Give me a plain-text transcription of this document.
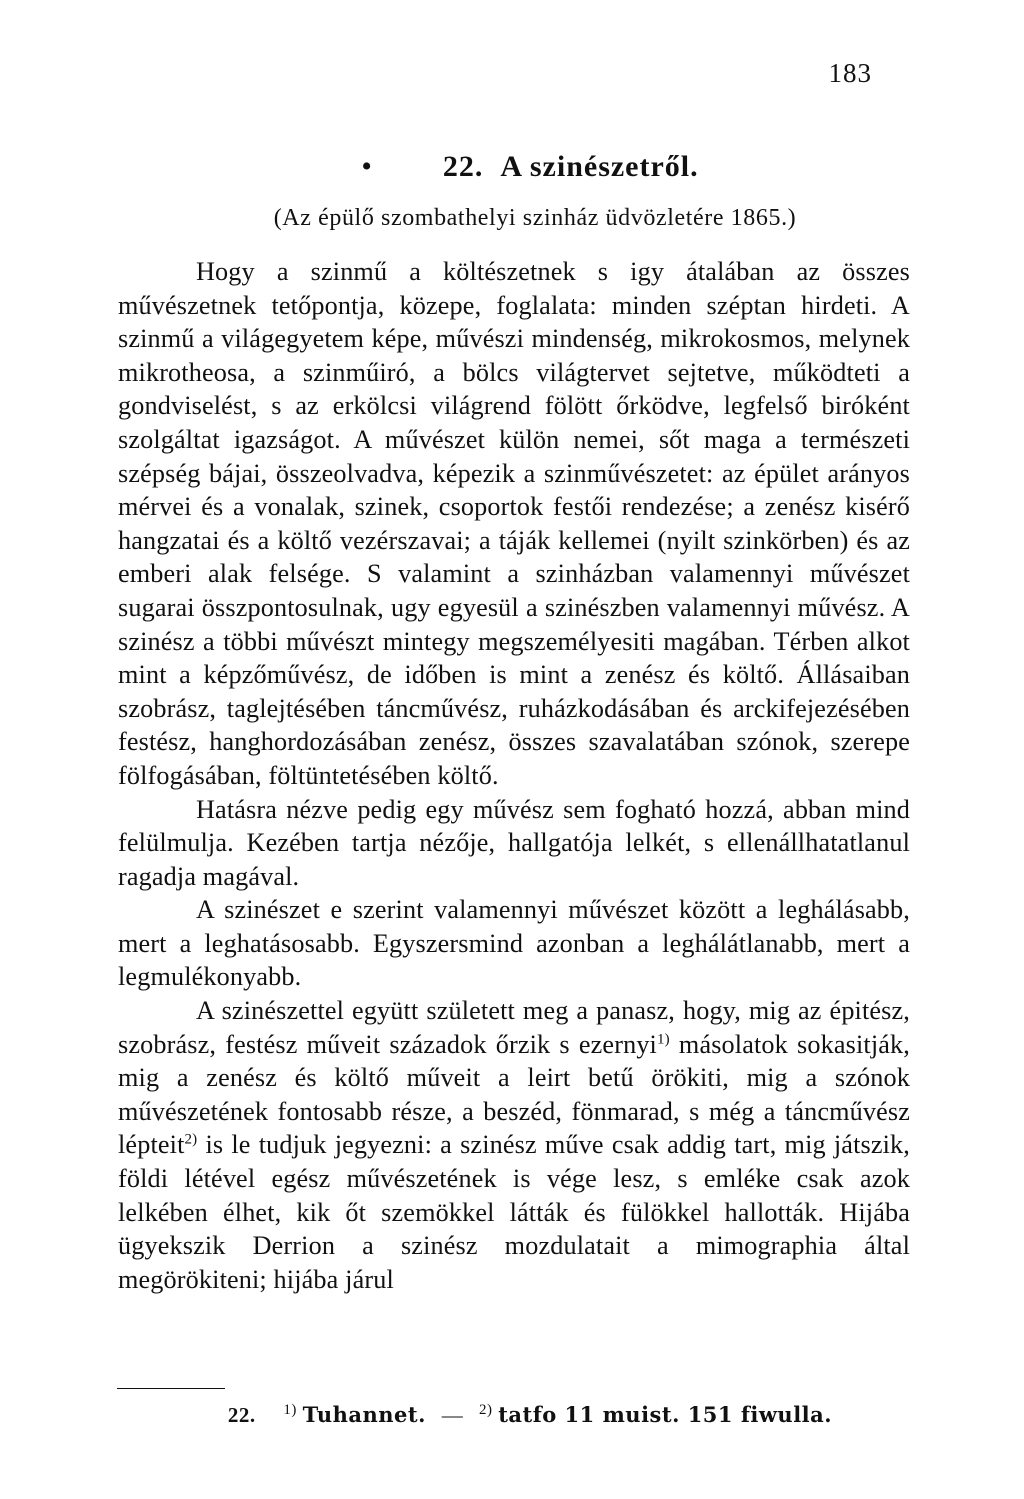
183
• 22. A szinészetről.
(Az épülő szombathelyi szinház üdvözletére 1865.)

Hogy a szinmű a költészetnek s igy átalában az összes művészetnek tetőpontja, közepe, foglalata: minden széptan hirdeti. A szinmű a világegyetem képe, művészi mindenség, mikrokosmos, melynek mikrotheosa, a szinműiró, a bölcs világtervet sejtetve, működteti a gondviselést, s az erkölcsi világrend fölött őrködve, legfelső biróként szolgáltat igazságot. A művészet külön nemei, sőt maga a természeti szépség bájai, összeolvadva, képezik a szinművészetet: az épület arányos mérvei és a vonalak, szinek, csoportok festői rendezése; a zenész kisérő hangzatai és a költő vezérszavai; a táják kellemei (nyilt szinkörben) és az emberi alak felsége. S valamint a szinházban valamennyi művészet sugarai összpontosulnak, ugy egyesül a szinészben valamennyi művész. A szinész a többi művészt mintegy megszemélyesiti magában. Térben alkot mint a képzőművész, de időben is mint a zenész és költő. Állásaiban szobrász, taglejtésében táncművész, ruházkodásában és arckifejezésében festész, hanghordozásában zenész, összes szavalatában szónok, szerepe fölfogásában, föltüntetésében költő.

Hatásra nézve pedig egy művész sem fogható hozzá, abban mind felülmulja. Kezében tartja nézője, hallgatója lelkét, s ellenállhatatlanul ragadja magával.

A szinészet e szerint valamennyi művészet között a leghálásabb, mert a leghatásosabb. Egyszersmind azonban a leghálátlanabb, mert a legmulékonyabb.

A szinészettel együtt született meg a panasz, hogy, mig az épitész, szobrász, festész műveit századok őrzik s ezernyi$^{1)}$ másolatok sokasitják, mig a zenész és költő műveit a leirt betű örökiti, mig a szónok művészetének fontosabb része, a beszéd, fönmarad, s még a táncművész lépteit$^{2)}$ is le tudjuk jegyezni: a szinész műve csak addig tart, mig játszik, földi létével egész művészetének is vége lesz, s emléke csak azok lelkében élhet, kik őt szemökkel látták és fülökkel hallották. Hijába ügyekszik Derrion a szinész mozdulatait a mimographia által megörökiteni; hijába járul

22. $^{1)}$ Tuhannet. — $^{2)}$ tatfo 11 muist. 151 fiwulla.
